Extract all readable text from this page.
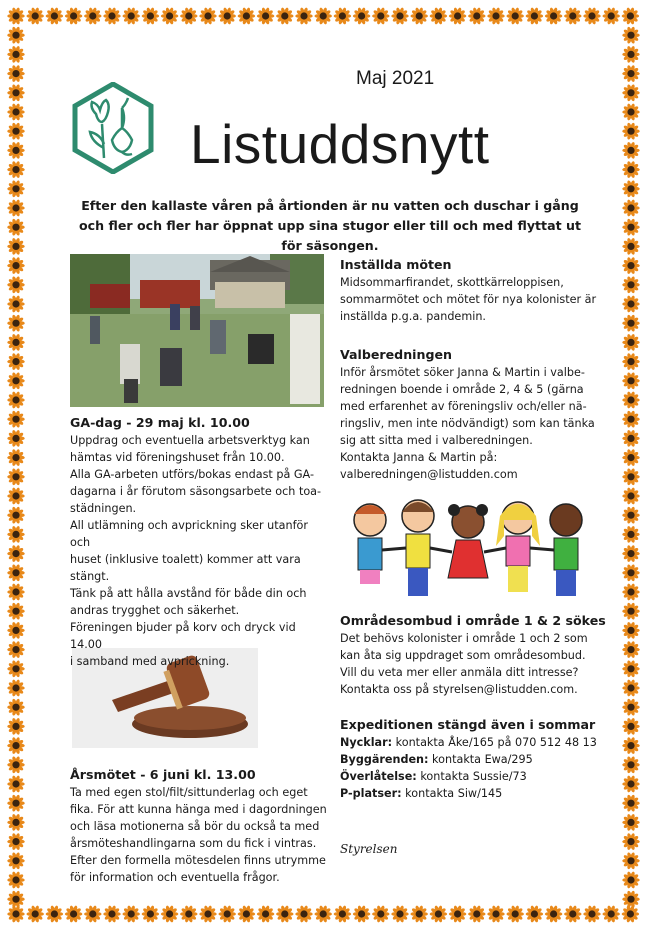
Maj 2021
Listuddsnytt
Efter den kallaste våren på årtionden är nu vatten och duschar i gång och fler och fler har öppnat upp sina stugor eller till och med flyttat ut för säsongen.
GA-dag - 29 maj kl. 10.00

Uppdrag och eventuella arbetsverktyg kan

hämtas vid föreningshuset från 10.00.

Alla GA-arbeten utförs/bokas endast på GA-

dagarna i år förutom säsongsarbete och toa-

städningen.

All utlämning och avprickning sker utanför och

huset (inklusive toalett) kommer att vara

stängt.

Tänk på att hålla avstånd för både din och

andras trygghet och säkerhet.

Föreningen bjuder på korv och dryck vid 14.00

i samband med avprickning.

Årsmötet - 6 juni kl. 13.00

Ta med egen stol/filt/sittunderlag och eget

fika. För att kunna hänga med i dagordningen

och läsa motionerna så bör du också ta med

årsmöteshandlingarna som du fick i vintras.

Efter den formella mötesdelen finns utrymme

för information och eventuella frågor.

Inställda möten

Midsommarfirandet, skottkärreloppisen,

sommarmötet och mötet för nya kolonister är

inställda p.g.a. pandemin.

Valberedningen

Inför årsmötet söker Janna & Martin i valbe-

redningen boende i område 2, 4 & 5 (gärna

med erfarenhet av föreningsliv och/eller nä-

ringsliv, men inte nödvändigt) som kan tänka

sig att sitta med i valberedningen.

Kontakta Janna & Martin på:

valberedningen@listudden.com

Områdesombud i område 1 & 2 sökes

Det behövs kolonister i område 1 och 2 som

kan åta sig uppdraget som områdesombud.

Vill du veta mer eller anmäla ditt intresse?

Kontakta oss på styrelsen@listudden.com.

Expeditionen stängd även i sommar

Nycklar: kontakta Åke/165 på 070 512 48 13

Byggärenden: kontakta Ewa/295

Överlåtelse: kontakta Sussie/73

P-platser: kontakta Siw/145

Styrelsen
